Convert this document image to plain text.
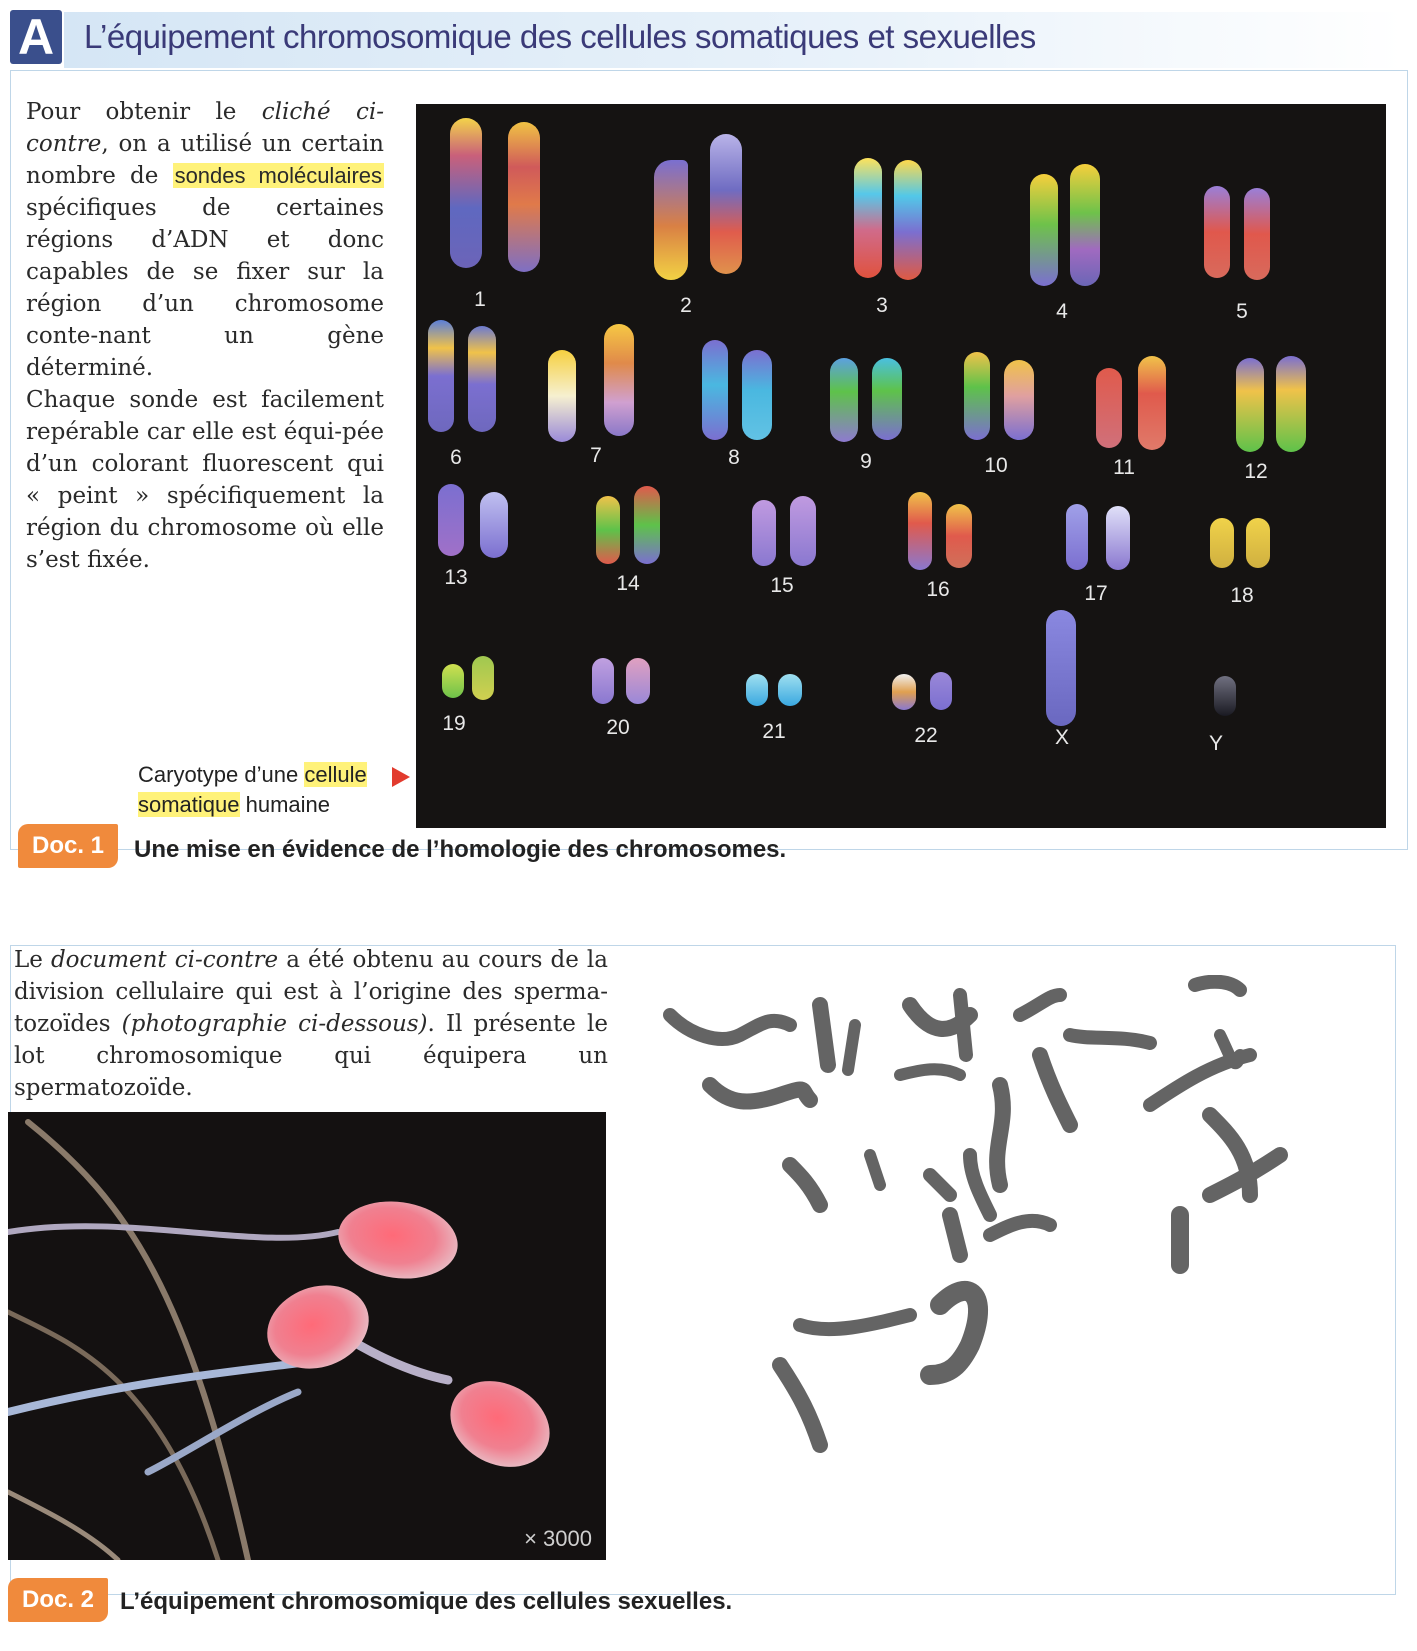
A L’équipement chromosomique des cellules somatiques et sexuelles
Pour obtenir le cliché ci-contre, on a utilisé un certain nombre de sondes moléculaires spécifiques de certaines régions d’ADN et donc capables de se fixer sur la région d’un chromosome conte-nant un gène déterminé.
Chaque sonde est facilement repérable car elle est équi-pée d’un colorant fluorescent qui « peint » spécifiquement la région du chromosome où elle s’est fixée.
1	2	3	4	5
6	7	8	9	10	11	12
13	14	15	16	17	18
19	20	21	22	X	Y
Caryotype d’une cellule
somatique humaine
Doc. 1	Une mise en évidence de l’homologie des chromosomes.
Le document ci-contre a été obtenu au cours de la division cellulaire qui est à l’origine des sperma-tozoïdes (photographie ci-dessous). Il présente le lot chromosomique qui équipera un spermatozoïde.
× 3000
Doc. 2	L’équipement chromosomique des cellules sexuelles.
